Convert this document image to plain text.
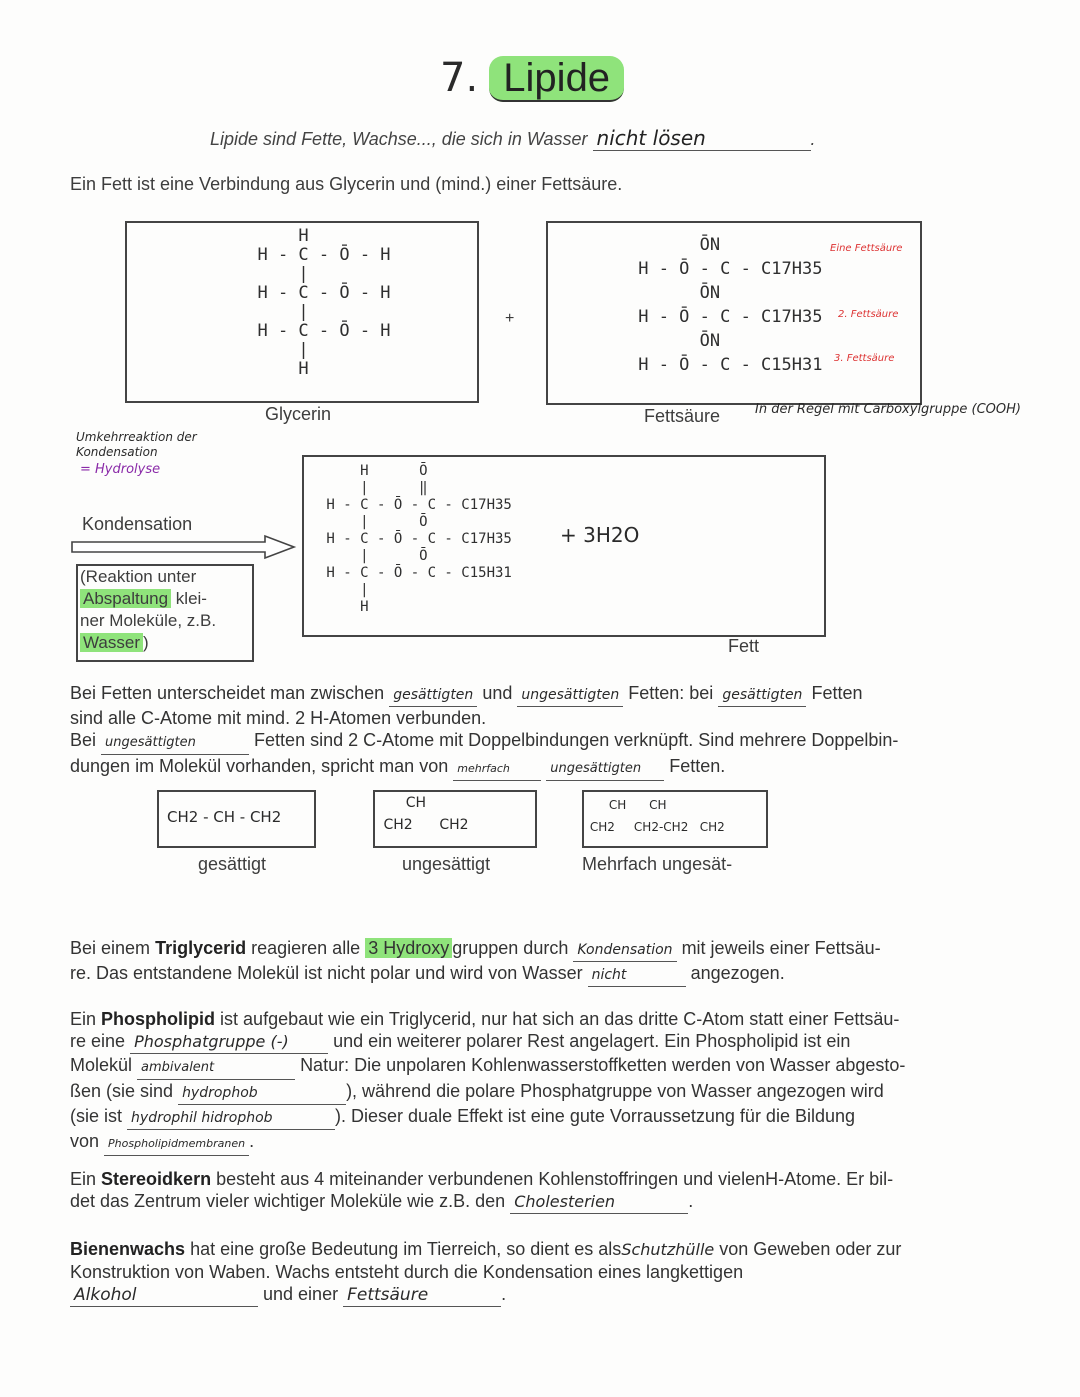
7. Lipide
Lipide sind Fette, Wachse..., die sich in Wasser nicht lösen	.
Ein Fett ist eine Verbindung aus Glycerin und (mind.) einer Fettsäure.
H
H - C - Ō - H
|
H - C - Ō - H
|
H - C - Ō - H
|
H
Glycerin
+
ŌN
H - Ō - C - C17H35
ŌN
H - Ō - C - C17H35
ŌN
H - Ō - C - C15H31
Eine Fettsäure
2. Fettsäure
3. Fettsäure
Fettsäure	In der Regel mit Carboxylgruppe (COOH)
Umkehrreaktion der Kondensation
= Hydrolyse
Kondensation
(Reaktion unter
Abspaltung klei-
ner Moleküle, z.B.
Wasser )
H      Ō
|      ‖
H - C - Ō - C - C17H35
|      Ō
H - C - Ō - C - C17H35
|      Ō
H - C - Ō - C - C15H31
|
H
+ 3H2O
Fett
Bei Fetten unterscheidet man zwischen gesättigten und ungesättigten Fetten: bei gesättigten Fetten
sind alle C-Atome mit mind. 2 H-Atomen verbunden.
Bei ungesättigten	Fetten sind 2 C-Atome mit Doppelbindungen verknüpft. Sind mehrere Doppelbin-
dungen im Molekül vorhanden, spricht man von mehrfach	ungesättigten Fetten.
CH2 - CH - CH2
gesättigt
CH
CH2      CH2
ungesättigt
CH      CH
CH2     CH2-CH2   CH2
Mehrfach ungesät-
Bei einem Triglycerid reagieren alle 3 Hydroxy gruppen durch Kondensation mit jeweils einer Fettsäu-
re. Das entstandene Molekül ist nicht polar und wird von Wasser nicht	angezogen.
Ein Phospholipid ist aufgebaut wie ein Triglycerid, nur hat sich an das dritte C-Atom statt einer Fettsäu-
re eine Phosphatgruppe (-) und ein weiterer polarer Rest angelagert. Ein Phospholipid ist ein
Molekül ambivalent	Natur: Die unpolaren Kohlenwasserstoffketten werden von Wasser abgesto-
ßen (sie sind hydrophob	), während die polare Phosphatgruppe von Wasser angezogen wird
(sie ist hydrophil hidrophob	). Dieser duale Effekt ist eine gute Vorraussetzung für die Bildung
von Phospholipidmembranen .
Ein Stereoidkern besteht aus 4 miteinander verbundenen Kohlenstoffringen und vielenH-Atome. Er bil-
det das Zentrum vieler wichtiger Moleküle wie z.B. den Cholesterien	.
Bienenwachs hat eine große Bedeutung im Tierreich, so dient es alsSchutzhülle von Geweben oder zur
Konstruktion von Waben. Wachs entsteht durch die Kondensation eines langkettigen
Alkohol	und einer Fettsäure	.
